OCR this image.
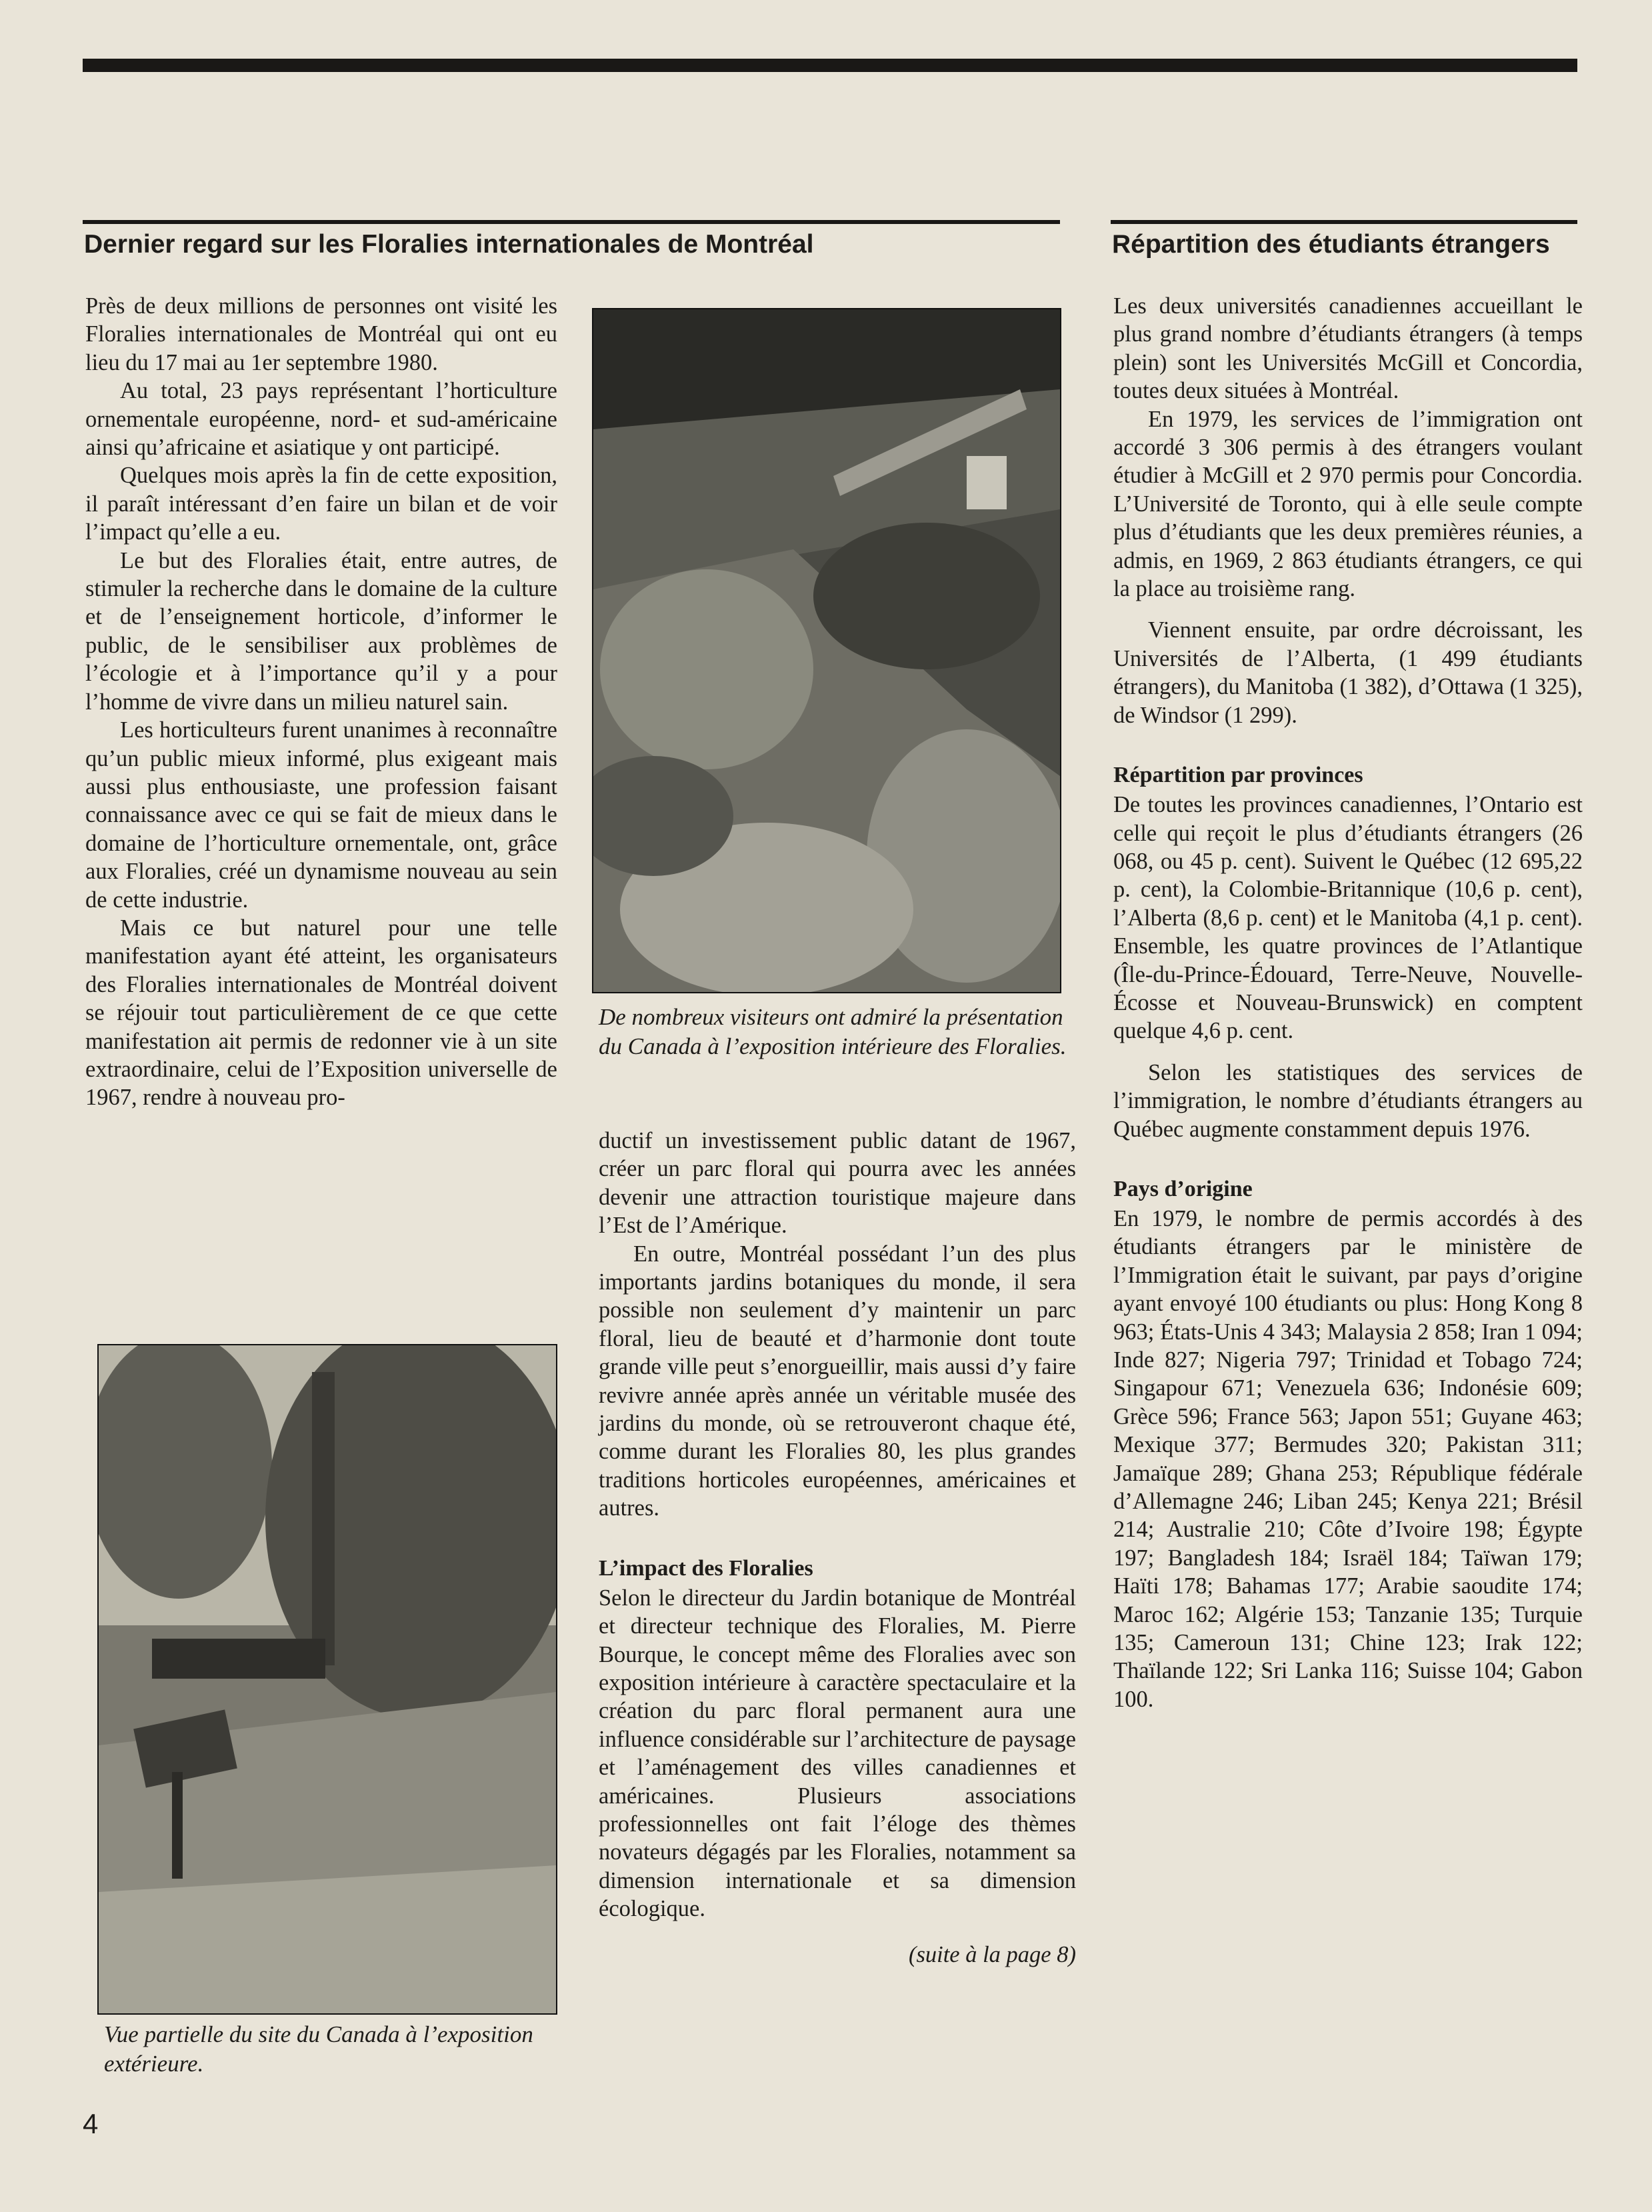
Dernier regard sur les Floralies internationales de Montréal

Près de deux millions de personnes ont visité les Floralies internationales de Montréal qui ont eu lieu du 17 mai au 1er septembre 1980.

Au total, 23 pays représentant l’horticulture ornementale européenne, nord- et sud-américaine ainsi qu’africaine et asiatique y ont participé.

Quelques mois après la fin de cette exposition, il paraît intéressant d’en faire un bilan et de voir l’impact qu’elle a eu.

Le but des Floralies était, entre autres, de stimuler la recherche dans le domaine de la culture et de l’enseignement horticole, d’informer le public, de le sensibiliser aux problèmes de l’écologie et à l’importance qu’il y a pour l’homme de vivre dans un milieu naturel sain.

Les horticulteurs furent unanimes à reconnaître qu’un public mieux informé, plus exigeant mais aussi plus enthousiaste, une profession faisant connaissance avec ce qui se fait de mieux dans le domaine de l’horticulture ornementale, ont, grâce aux Floralies, créé un dynamisme nouveau au sein de cette industrie.

Mais ce but naturel pour une telle manifestation ayant été atteint, les organisateurs des Floralies internationales de Montréal doivent se réjouir tout particulièrement de ce que cette manifestation ait permis de redonner vie à un site extraordinaire, celui de l’Exposition universelle de 1967, rendre à nouveau pro-

De nombreux visiteurs ont admiré la présentation du Canada à l’exposition intérieure des Floralies.

Vue partielle du site du Canada à l’exposition extérieure.

ductif un investissement public datant de 1967, créer un parc floral qui pourra avec les années devenir une attraction touristique majeure dans l’Est de l’Amérique.

En outre, Montréal possédant l’un des plus importants jardins botaniques du monde, il sera possible non seulement d’y maintenir un parc floral, lieu de beauté et d’harmonie dont toute grande ville peut s’enorgueillir, mais aussi d’y faire revivre année après année un véritable musée des jardins du monde, où se retrouveront chaque été, comme durant les Floralies 80, les plus grandes traditions horticoles européennes, américaines et autres.

L’impact des Floralies

Selon le directeur du Jardin botanique de Montréal et directeur technique des Floralies, M. Pierre Bourque, le concept même des Floralies avec son exposition intérieure à caractère spectaculaire et la création du parc floral permanent aura une influence considérable sur l’architecture de paysage et l’aménagement des villes canadiennes et américaines. Plusieurs associations professionnelles ont fait l’éloge des thèmes novateurs dégagés par les Floralies, notamment sa dimension internationale et sa dimension écologique.

(suite à la page 8)

Répartition des étudiants étrangers

Les deux universités canadiennes accueillant le plus grand nombre d’étudiants étrangers (à temps plein) sont les Universités McGill et Concordia, toutes deux situées à Montréal.

En 1979, les services de l’immigration ont accordé 3 306 permis à des étrangers voulant étudier à McGill et 2 970 permis pour Concordia. L’Université de Toronto, qui à elle seule compte plus d’étudiants que les deux premières réunies, a admis, en 1969, 2 863 étudiants étrangers, ce qui la place au troisième rang.

Viennent ensuite, par ordre décroissant, les Universités de l’Alberta, (1 499 étudiants étrangers), du Manitoba (1 382), d’Ottawa (1 325), de Windsor (1 299).

Répartition par provinces

De toutes les provinces canadiennes, l’Ontario est celle qui reçoit le plus d’étudiants étrangers (26 068, ou 45 p. cent). Suivent le Québec (12 695,22 p. cent), la Colombie-Britannique (10,6 p. cent), l’Alberta (8,6 p. cent) et le Manitoba (4,1 p. cent). Ensemble, les quatre provinces de l’Atlantique (Île-du-Prince-Édouard, Terre-Neuve, Nouvelle-Écosse et Nouveau-Brunswick) en comptent quelque 4,6 p. cent.

Selon les statistiques des services de l’immigration, le nombre d’étudiants étrangers au Québec augmente constamment depuis 1976.

Pays d’origine

En 1979, le nombre de permis accordés à des étudiants étrangers par le ministère de l’Immigration était le suivant, par pays d’origine ayant envoyé 100 étudiants ou plus: Hong Kong 8 963; États-Unis 4 343; Malaysia 2 858; Iran 1 094; Inde 827; Nigeria 797; Trinidad et Tobago 724; Singapour 671; Venezuela 636; Indonésie 609; Grèce 596; France 563; Japon 551; Guyane 463; Mexique 377; Bermudes 320; Pakistan 311; Jamaïque 289; Ghana 253; République fédérale d’Allemagne 246; Liban 245; Kenya 221; Brésil 214; Australie 210; Côte d’Ivoire 198; Égypte 197; Bangladesh 184; Israël 184; Taïwan 179; Haïti 178; Bahamas 177; Arabie saoudite 174; Maroc 162; Algérie 153; Tanzanie 135; Turquie 135; Cameroun 131; Chine 123; Irak 122; Thaïlande 122; Sri Lanka 116; Suisse 104; Gabon 100.

4
